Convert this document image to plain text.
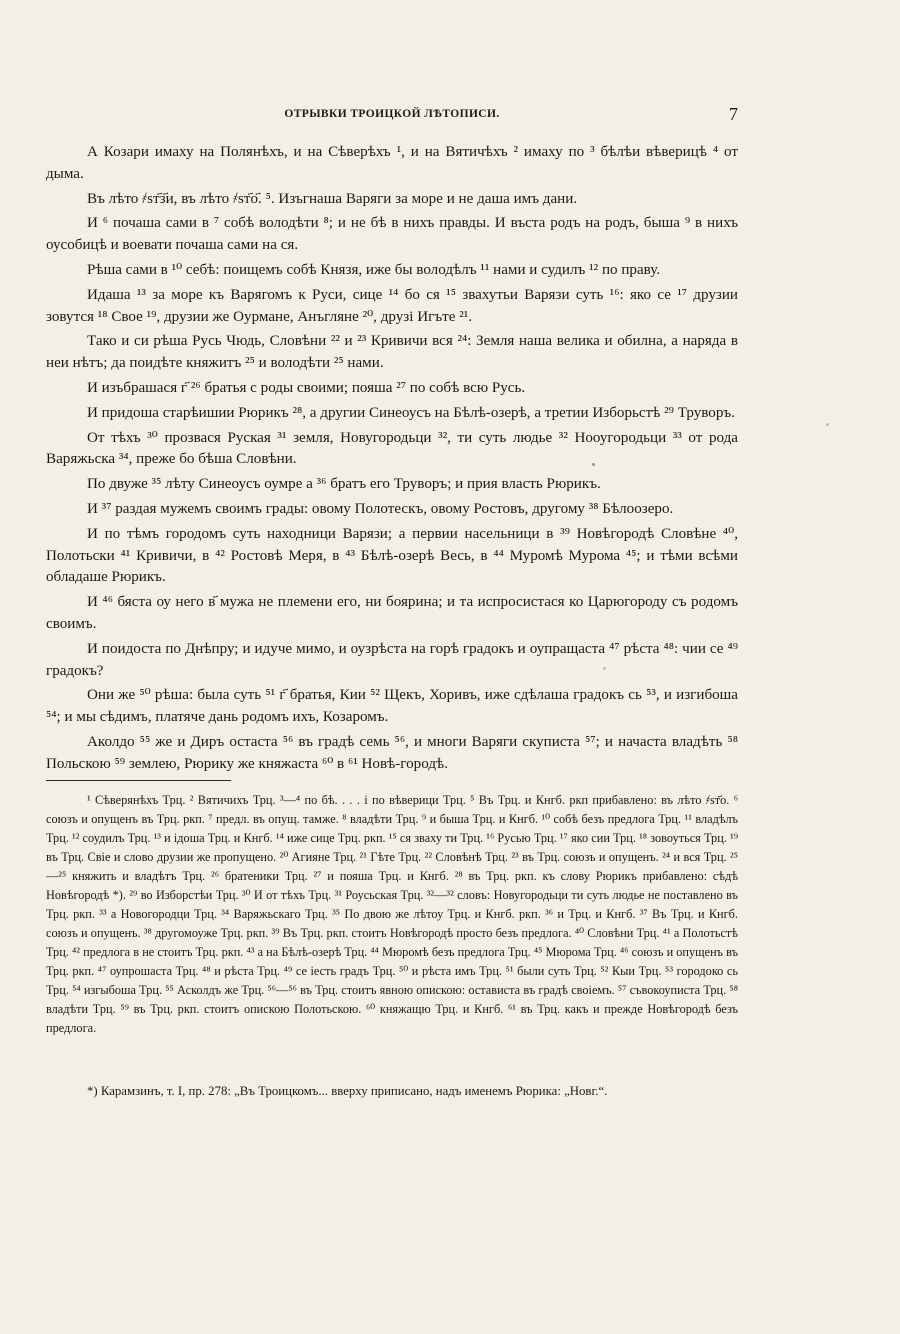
ОТРЫВКИ ТРОИЦКОЙ ЛѢТОПИСИ.	7

А Козари имаху на Полянѣхъ, и на Сѣверѣхъ ¹, и на Вятичѣхъ ² имаху по ³ бѣлѣи вѣверицѣ ⁴ от дыма.

Въ лѣто ҂ѕт҃з҃и, въ лѣто ҂ѕт҃о҃. ⁵. Изъгнаша Варяги за море и не даша имъ дани.

И ⁶ почаша сами в ⁷ собѣ володѣти ⁸; и не бѣ в нихъ правды. И въста родъ на родъ, быша ⁹ в нихъ оусобицѣ и воевати почаша сами на ся.

Рѣша сами в ¹⁰ себѣ: поищемъ собѣ Князя, иже бы володѣлъ ¹¹ нами и судилъ ¹² по праву.

Идаша ¹³ за море къ Варягомъ к Руси, сице ¹⁴ бо ся ¹⁵ звахутьи Варязи суть ¹⁶: яко се ¹⁷ друзии зовутся ¹⁸ Свое ¹⁹, друзии же Оурмане, Анъгляне ²⁰, друзі Игъте ²¹.

Тако и си рѣша Русь Чюдь, Словѣни ²² и ²³ Кривичи вся ²⁴: Земля наша велика и обилна, а наряда в неи нѣтъ; да поидѣте княжитъ ²⁵ и володѣти ²⁵ нами.

И изъбрашася г҃ ²⁶ братья с роды своими; пояша ²⁷ по собѣ всю Русь.

И придоша старѣишии Рюрикъ ²⁸, а другии Синеоусъ на Бѣлѣ-озерѣ, а третии Изборьстѣ ²⁹ Труворъ.

От тѣхъ ³⁰ прозвася Руская ³¹ земля, Новугородьци ³², ти суть людье ³² Нооугородьци ³³ от рода Варяжьска ³⁴, преже бо бѣша Словѣни.

По двуже ³⁵ лѣту Синеоусъ оумре а ³⁶ братъ его Труворъ; и прия власть Рюрикъ.

И ³⁷ раздая мужемъ своимъ грады: овому Полотескъ, овому Ростовъ, другому ³⁸ Бѣлоозеро.

И по тѣмъ городомъ суть находници Варязи; а первии насельници в ³⁹ Новѣгородѣ Словѣне ⁴⁰, Полотьски ⁴¹ Кривичи, в ⁴² Ростовѣ Меря, в ⁴³ Бѣлѣ-озерѣ Весь, в ⁴⁴ Муромѣ Мурома ⁴⁵; и тѣми всѣми обладаше Рюрикъ.

И ⁴⁶ бяста оу него в҃ мужа не племени его, ни боярина; и та испросистася ко Царюгороду съ родомъ своимъ.

И поидоста по Днѣпру; и идуче мимо, и оузрѣста на горѣ градокъ и оупращаста ⁴⁷ рѣста ⁴⁸: чии се ⁴⁹ градокъ?

Они же ⁵⁰ рѣша: была суть ⁵¹ г҃ братья, Кии ⁵² Щекъ, Хоривъ, иже сдѣлаша градокъ сь ⁵³, и изгибоша ⁵⁴; и мы сѣдимъ, платяче дань родомъ ихъ, Козаромъ.

Аколдо ⁵⁵ же и Диръ остаста ⁵⁶ въ градѣ семь ⁵⁶, и многи Варяги скуписта ⁵⁷; и начаста владѣть ⁵⁸ Польскою ⁵⁹ землею, Рюрику же княжаста ⁶⁰ в ⁶¹ Новѣ-городѣ.

¹ Сѣверянѣхъ Трц. ² Вятичихъ Трц. ³—⁴ по бѣ. . . . і по вѣверици Трц. ⁵ Въ Трц. и Кнгб. ркп прибавлено: въ лѣто ҂ѕт҃о. ⁶ союзъ и опущенъ въ Трц. ркп. ⁷ предл. въ опущ. тамже. ⁸ владѣти Трц. ⁹ и быша Трц. и Кнгб. ¹⁰ собѣ безъ предлога Трц. ¹¹ владѣлъ Трц. ¹² соудилъ Трц. ¹³ и ідоша Трц. и Кнгб. ¹⁴ иже сице Трц. ркп. ¹⁵ ся зваху ти Трц. ¹⁶ Русью Трц. ¹⁷ яко сии Трц. ¹⁸ зовоуться Трц. ¹⁹ въ Трц. Свіе и слово друзии же пропущено. ²⁰ Агияне Трц. ²¹ Гѣте Трц. ²² Словѣнѣ Трц. ²³ въ Трц. союзъ и опущенъ. ²⁴ и вся Трц. ²⁵—²⁵ княжить и владѣтъ Трц. ²⁶ братеники Трц. ²⁷ и пояша Трц. и Кнгб. ²⁸ въ Трц. ркп. къ слову Рюрикъ прибавлено: сѣдѣ Новѣгородѣ *). ²⁹ во Изборстѣи Трц. ³⁰ И от тѣхъ Трц. ³¹ Роусьская Трц. ³²—³² словъ: Новугородьци ти суть людье не поставлено въ Трц. ркп. ³³ а Новогородци Трц. ³⁴ Варяжьскаго Трц. ³⁵ По двою же лѣтоу Трц. и Кнгб. ркп. ³⁶ и Трц. и Кнгб. ³⁷ Въ Трц. и Кнгб. союзъ и опущенъ. ³⁸ другомоуже Трц. ркп. ³⁹ Въ Трц. ркп. стоитъ Новѣгородѣ просто безъ предлога. ⁴⁰ Словѣни Трц. ⁴¹ а Полотьстѣ Трц. ⁴² предлога в не стоитъ Трц. ркп. ⁴³ а на Бѣлѣ-озерѣ Трц. ⁴⁴ Мюромѣ безъ предлога Трц. ⁴⁵ Мюрома Трц. ⁴⁶ союзъ и опущенъ въ Трц. ркп. ⁴⁷ оупрошаста Трц. ⁴⁸ и рѣста Трц. ⁴⁹ се іесть градъ Трц. ⁵⁰ и рѣста имъ Трц. ⁵¹ были суть Трц. ⁵² Кыи Трц. ⁵³ городоко сь Трц. ⁵⁴ изгыбоша Трц. ⁵⁵ Асколдъ же Трц. ⁵⁶—⁵⁶ въ Трц. стоитъ явною опискою: остависта въ градѣ своіемъ. ⁵⁷ съвокоуписта Трц. ⁵⁸ владѣти Трц. ⁵⁹ въ Трц. ркп. стоитъ опискою Полотьскою. ⁶⁰ княжащю Трц. и Кнгб. ⁶¹ въ Трц. какъ и прежде Новѣгородѣ безъ предлога.

*) Карамзинъ, т. I, пр. 278: „Въ Троицкомъ... вверху приписано, надъ именемъ Рюрика: „Новг.“.
